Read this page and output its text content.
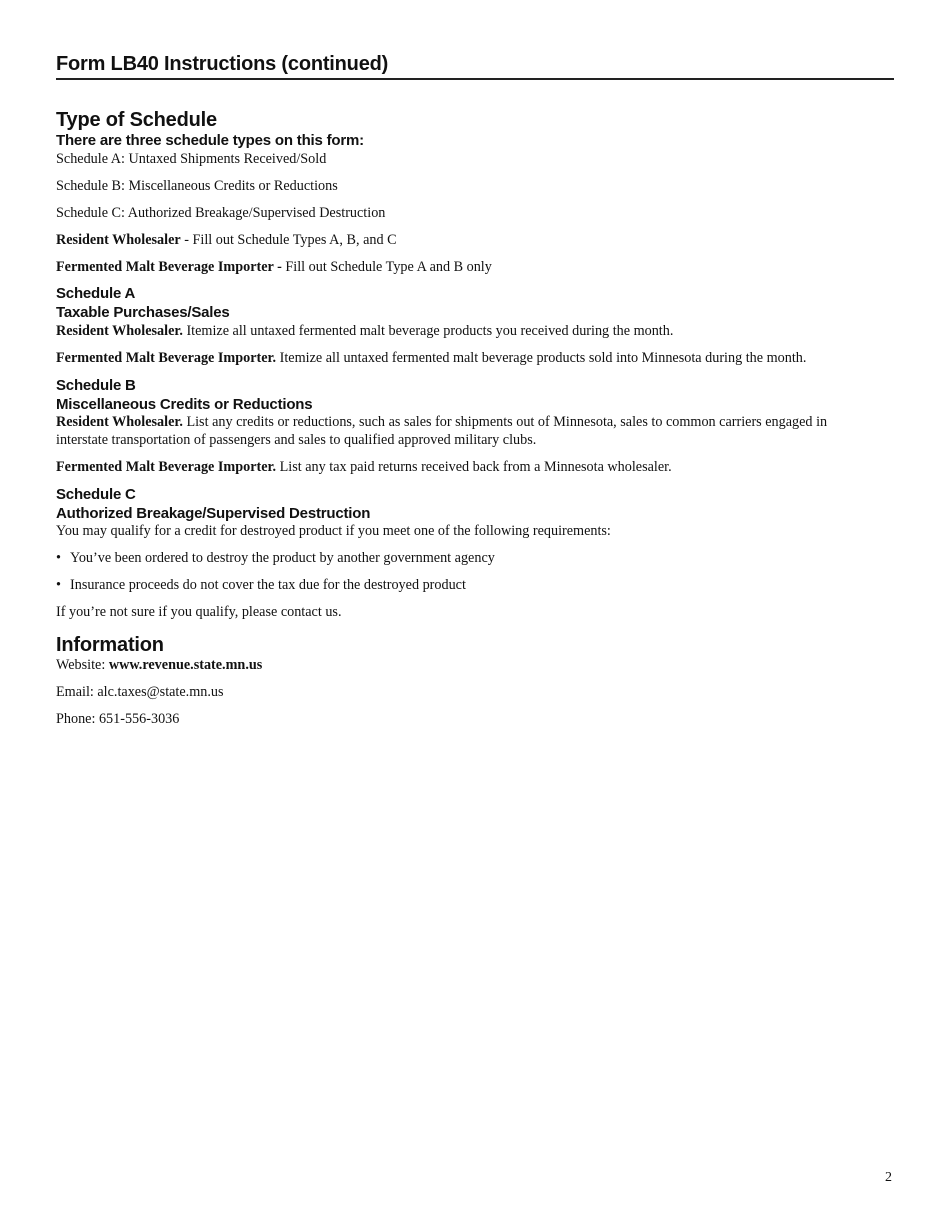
Form LB40 Instructions (continued)
Type of Schedule
There are three schedule types on this form:
Schedule A: Untaxed Shipments Received/Sold
Schedule B: Miscellaneous Credits or Reductions
Schedule C: Authorized Breakage/Supervised Destruction
Resident Wholesaler - Fill out Schedule Types A, B, and C
Fermented Malt Beverage Importer - Fill out Schedule Type A and B only
Schedule A
Taxable Purchases/Sales
Resident Wholesaler. Itemize all untaxed fermented malt beverage products you received during the month.
Fermented Malt Beverage Importer. Itemize all untaxed fermented malt beverage products sold into Minnesota during the month.
Schedule B
Miscellaneous Credits or Reductions
Resident Wholesaler. List any credits or reductions, such as sales for shipments out of Minnesota, sales to common carriers engaged in interstate transportation of passengers and sales to qualified approved military clubs.
Fermented Malt Beverage Importer. List any tax paid returns received back from a Minnesota wholesaler.
Schedule C
Authorized Breakage/Supervised Destruction
You may qualify for a credit for destroyed product if you meet one of the following requirements:
• You’ve been ordered to destroy the product by another government agency
• Insurance proceeds do not cover the tax due for the destroyed product
If you’re not sure if you qualify, please contact us.
Information
Website: www.revenue.state.mn.us
Email: alc.taxes@state.mn.us
Phone: 651-556-3036
2
